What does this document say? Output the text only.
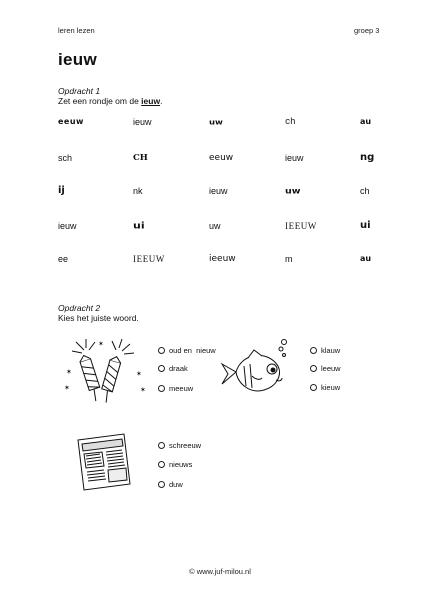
leren lezen	groep 3
ieuw
Opdracht 1
Zet een rondje om de ieuw.
eeuw	ieuw	uw	ch	au
sch	CH	eeuw	ieuw	ng
ij	nk	ieuw	uw	ch
ieuw	ui	uw	IEEUW	ui
ee	IEEUW	ieeuw	m	au
Opdracht 2
Kies het juiste woord.
✶
✶
✶
✶
✶
oud en  nieuw
draak
meeuw
klauw
leeuw
kieuw
schreeuw
nieuws
duw
© www.juf-milou.nl
